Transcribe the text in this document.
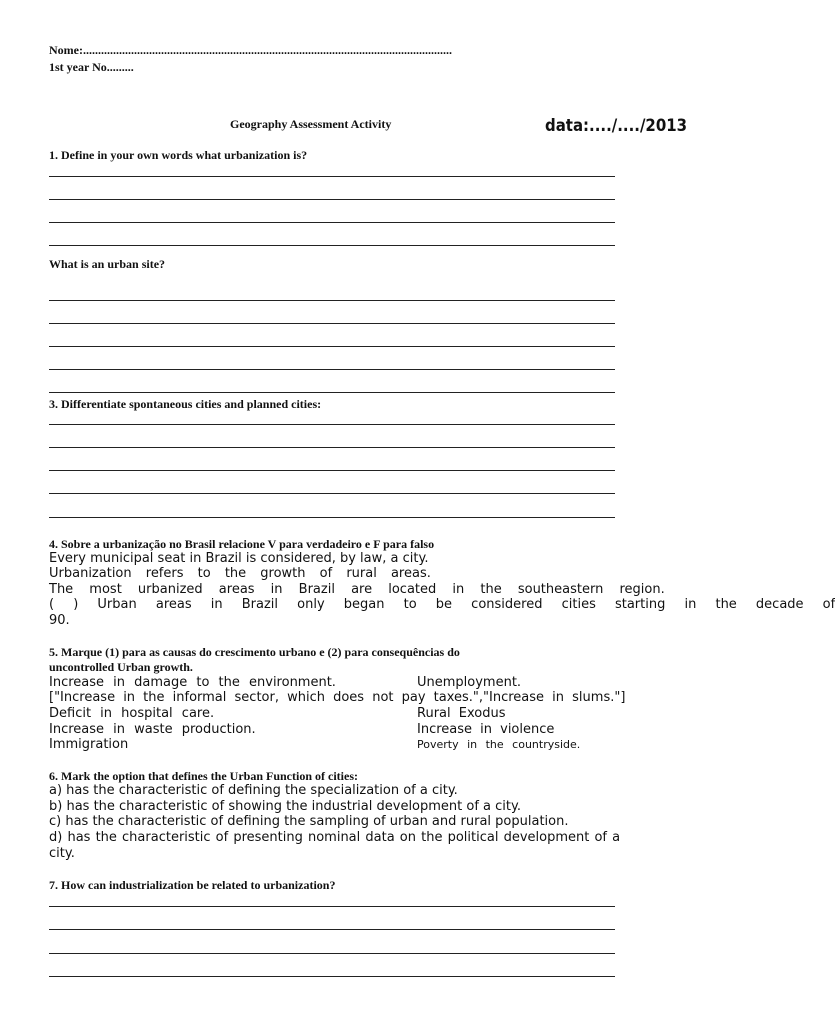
Nome:...........................................................................................................................
1st year No.........
Geography Assessment Activity	data:..../..../2013
1. Define in your own words what urbanization is?
What is an urban site?
3. Differentiate spontaneous cities and planned cities:
4. Sobre a urbanização no Brasil relacione V para verdadeiro e F para falso
Every municipal seat in Brazil is considered, by law, a city.
Urbanization refers to the growth of rural areas.
The most urbanized areas in Brazil are located in the southeastern region.
( ) Urban areas in Brazil only began to be considered cities starting in the decade of
90.
5. Marque (1) para as causas do crescimento urbano e (2) para consequências do
uncontrolled Urban growth.
Increase in damage to the environment.	Unemployment.
["Increase in the informal sector, which does not pay taxes.","Increase in slums."]
Deficit in hospital care.	Rural Exodus
Increase in waste production.	Increase in violence
Immigration	Poverty in the countryside.
6. Mark the option that defines the Urban Function of cities:
a) has the characteristic of defining the specialization of a city.
b) has the characteristic of showing the industrial development of a city.
c) has the characteristic of defining the sampling of urban and rural population.
d) has the characteristic of presenting nominal data on the political development of a
city.
7. How can industrialization be related to urbanization?
